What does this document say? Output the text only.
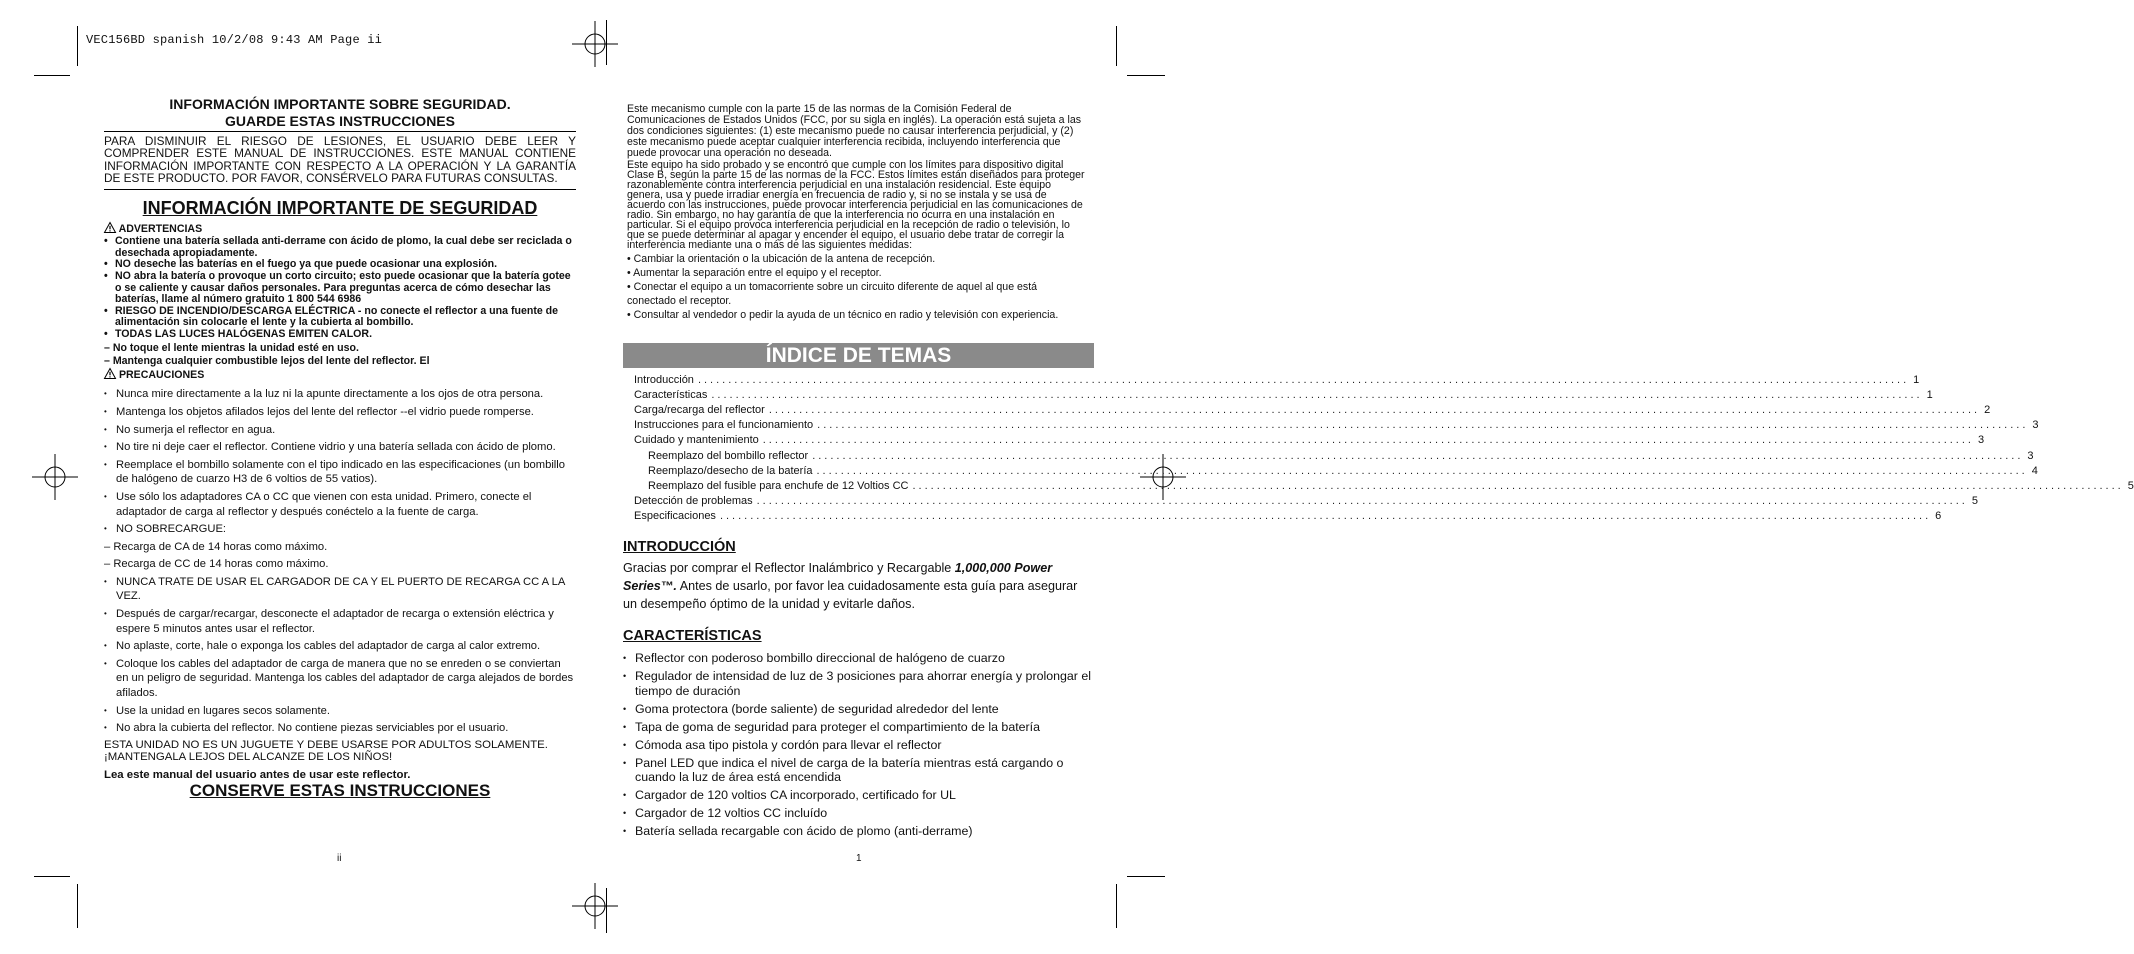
VEC156BD spanish 10/2/08 9:43 AM Page ii
INFORMACIÓN IMPORTANTE SOBRE SEGURIDAD.
GUARDE ESTAS INSTRUCCIONES
PARA DISMINUIR EL RIESGO DE LESIONES, EL USUARIO DEBE LEER Y COMPRENDER ESTE MANUAL DE INSTRUCCIONES. ESTE MANUAL CONTIENE INFORMACIÓN IMPORTANTE CON RESPECTO A LA OPERACIÓN Y LA GARANTÍA DE ESTE PRODUCTO. POR FAVOR, CONSÉRVELO PARA FUTURAS CONSULTAS.
INFORMACIÓN IMPORTANTE DE SEGURIDAD
ADVERTENCIAS
• Contiene una batería sellada anti-derrame con ácido de plomo, la cual debe ser reciclada o desechada apropiadamente.
• NO deseche las baterías en el fuego ya que puede ocasionar una explosión.
• NO abra la batería o provoque un corto circuito; esto puede ocasionar que la batería gotee o se caliente y causar daños personales. Para preguntas acerca de cómo desechar las baterías, llame al número gratuito 1 800 544 6986
• RIESGO DE INCENDIO/DESCARGA ELÉCTRICA - no conecte el reflector a una fuente de alimentación sin colocarle el lente y la cubierta al bombillo.
• TODAS LAS LUCES HALÓGENAS EMITEN CALOR.
– No toque el lente mientras la unidad esté en uso.
– Mantenga cualquier combustible lejos del lente del reflector. El
PRECAUCIONES
• Nunca mire directamente a la luz ni la apunte directamente a los ojos de otra persona.
• Mantenga los objetos afilados lejos del lente del reflector --el vidrio puede romperse.
• No sumerja el reflector en agua.
• No tire ni deje caer el reflector. Contiene vidrio y una batería sellada con ácido de plomo.
• Reemplace el bombillo solamente con el tipo indicado en las especificaciones (un bombillo de halógeno de cuarzo H3 de 6 voltios de 55 vatios).
• Use sólo los adaptadores CA o CC que vienen con esta unidad. Primero, conecte el adaptador de carga al reflector y después conéctelo a la fuente de carga.
• NO SOBRECARGUE:
– Recarga de CA de 14 horas como máximo.
– Recarga de CC de 14 horas como máximo.
• NUNCA TRATE DE USAR EL CARGADOR DE CA Y EL PUERTO DE RECARGA CC A LA VEZ.
• Después de cargar/recargar, desconecte el adaptador de recarga o extensión eléctrica y espere 5 minutos antes usar el reflector.
• No aplaste, corte, hale o exponga los cables del adaptador de carga al calor extremo.
• Coloque los cables del adaptador de carga de manera que no se enreden o se conviertan en un peligro de seguridad. Mantenga los cables del adaptador de carga alejados de bordes afilados.
• Use la unidad en lugares secos solamente.
• No abra la cubierta del reflector. No contiene piezas serviciables por el usuario.
ESTA UNIDAD NO ES UN JUGUETE Y DEBE USARSE POR ADULTOS SOLAMENTE. ¡MANTENGALA LEJOS DEL ALCANZE DE LOS NIÑOS!
Lea este manual del usuario antes de usar este reflector.
CONSERVE ESTAS INSTRUCCIONES
ii
Este mecanismo cumple con la parte 15 de las normas de la Comisión Federal de Comunicaciones de Estados Unidos (FCC, por su sigla en inglés). La operación está sujeta a las dos condiciones siguientes: (1) este mecanismo puede no causar interferencia perjudicial, y (2) este mecanismo puede aceptar cualquier interferencia recibida, incluyendo interferencia que puede provocar una operación no deseada.
Este equipo ha sido probado y se encontró que cumple con los límites para dispositivo digital Clase B, según la parte 15 de las normas de la FCC. Estos límites están diseñados para proteger razonablemente contra interferencia perjudicial en una instalación residencial. Este equipo genera, usa y puede irradiar energía en frecuencia de radio y, si no se instala y se usa de acuerdo con las instrucciones, puede provocar interferencia perjudicial en las comunicaciones de radio. Sin embargo, no hay garantía de que la interferencia no ocurra en una instalación en particular. Si el equipo provoca interferencia perjudicial en la recepción de radio o televisión, lo que se puede determinar al apagar y encender el equipo, el usuario debe tratar de corregir la interferencia mediante una o más de las siguientes medidas:
• Cambiar la orientación o la ubicación de la antena de recepción.
• Aumentar la separación entre el equipo y el receptor.
• Conectar el equipo a un tomacorriente sobre un circuito diferente de aquel al que está conectado el receptor.
• Consultar al vendedor o pedir la ayuda de un técnico en radio y televisión con experiencia.
ÍNDICE DE TEMAS
Introducción ........................................................................................................................................................................................................ 1
Características ........................................................................................................................................................................................................ 1
Carga/recarga del reflector ........................................................................................................................................................................................................ 2
Instrucciones para el funcionamiento ........................................................................................................................................................................................................ 3
Cuidado y mantenimiento ........................................................................................................................................................................................................ 3
Reemplazo del bombillo reflector ........................................................................................................................................................................................................ 3
Reemplazo/desecho de la batería ........................................................................................................................................................................................................ 4
Reemplazo del fusible para enchufe de 12 Voltios CC ........................................................................................................................................................................................................ 5
Detección de problemas ........................................................................................................................................................................................................ 5
Especificaciones ........................................................................................................................................................................................................ 6
INTRODUCCIÓN
Gracias por comprar el Reflector Inalámbrico y Recargable 1,000,000 Power Series™. Antes de usarlo, por favor lea cuidadosamente esta guía para asegurar un desempeño óptimo de la unidad y evitarle daños.
CARACTERÍSTICAS
• Reflector con poderoso bombillo direccional de halógeno de cuarzo
• Regulador de intensidad de luz de 3 posiciones para ahorrar energía y prolongar el tiempo de duración
• Goma protectora (borde saliente) de seguridad alrededor del lente
• Tapa de goma de seguridad para proteger el compartimiento de la batería
• Cómoda asa tipo pistola y cordón para llevar el reflector
• Panel LED que indica el nivel de carga de la batería mientras está cargando o cuando la luz de área está encendida
• Cargador de 120 voltios CA incorporado, certificado for UL
• Cargador de 12 voltios CC incluído
• Batería sellada recargable con ácido de plomo (anti-derrame)
1
